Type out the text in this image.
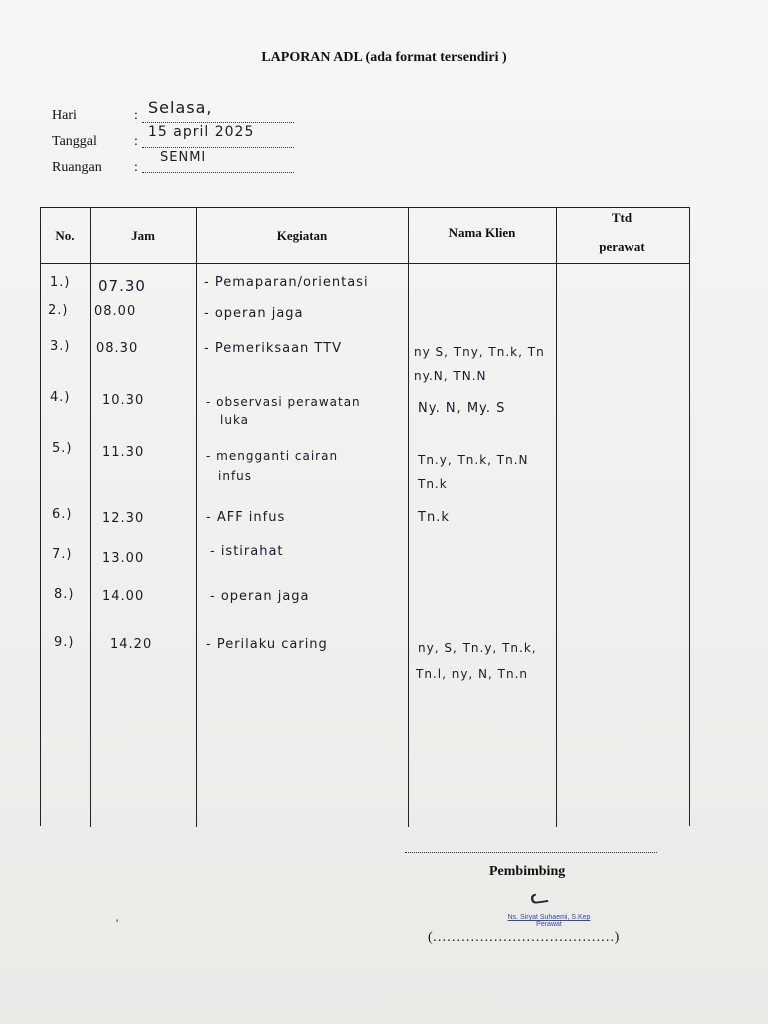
LAPORAN ADL (ada format tersendiri )
Hari	: Selasa,
Tanggal	:
15 april 2025
Ruangan :
SENMI
No.	Jam	Kegiatan	Nama Klien
Ttd
perawat
1.) 07.30	- Pemaparan/orientasi
2.) 08.00	- operan jaga
3.) 08.30	- Pemeriksaan TTV	ny S, Tny, Tn.k, Tn
ny.N, TN.N
4.) 10.30	- observasi perawatan
luka
Ny. N, My. S
5.) 11.30	- mengganti cairan
infus
Tn.y, Tn.k, Tn.N
Tn.k
6.) 12.30	- AFF infus	Tn.k
7.) 13.00	- istirahat
8.) 14.00	- operan jaga
9.)	14.20	- Perilaku caring	ny, S, Tn.y, Tn.k,
Tn.l, ny, N, Tn.n
Pembimbing
ᓚ
Ns. Siryat Suhaemi, S.Kep
Perawat
(…………………………………)
'
